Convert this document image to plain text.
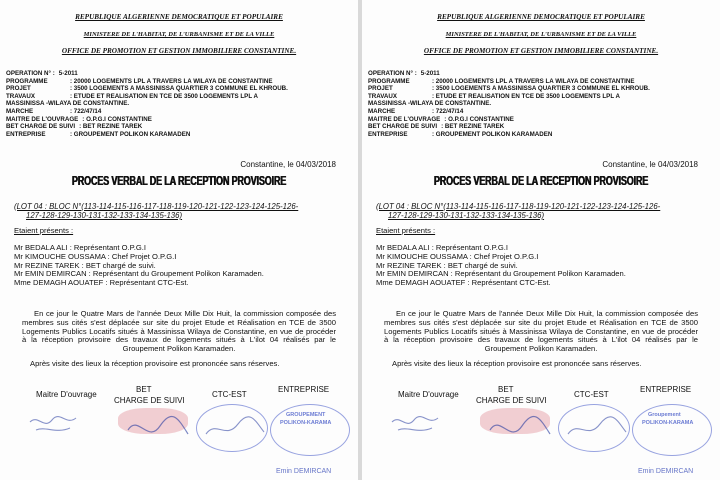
REPUBLIQUE ALGERIENNE DEMOCRATIQUE ET POPULAIRE
MINISTERE DE L'HABITAT, DE L'URBANISME ET DE LA VILLE
OFFICE DE PROMOTION ET GESTION IMMOBILIERE CONSTANTINE.
OPERATION N° : 5-2011
PROGRAMME	: 20000 LOGEMENTS LPL A TRAVERS LA WILAYA DE CONSTANTINE
PROJET	: 3500 LOGEMENTS A MASSINISSA QUARTIER 3 COMMUNE EL KHROUB.
TRAVAUX	: ETUDE ET REALISATION EN TCE DE 3500 LOGEMENTS LPL A
MASSINISSA -WILAYA DE CONSTANTINE.
MARCHE	: 722/47/14
MAITRE DE L'OUVRAGE : O.P.G.I CONSTANTINE
BET CHARGE DE SUIVI : BET REZINE TAREK
ENTREPRISE	: GROUPEMENT POLIKON KARAMADEN
Constantine, le 04/03/2018
PROCES VERBAL DE LA RECEPTION PROVISOIRE
(LOT 04 : BLOC N°(113-114-115-116-117-118-119-120-121-122-123-124-125-126-
127-128-129-130-131-132-133-134-135-136)
Etaient présents :
Mr BEDALA ALI : Représentant O.P.G.I
Mr KIMOUCHE OUSSAMA : Chef Projet O.P.G.I
Mr REZINE TAREK : BET chargé de suivi.
Mr EMIN DEMIRCAN : Représentant du Groupement Polikon Karamaden.
Mme DEMAGH AOUATEF : Représentant CTC-Est.

En ce jour le Quatre Mars de l'année Deux Mille Dix Huit, la commission composée des membres sus cités s'est déplacée sur site du projet Etude et Réalisation en TCE de 3500 Logements Publics Locatifs situés à Massinissa Wilaya de Constantine, en vue de procéder à la réception provisoire des travaux de logements situés à L'ilot 04 réalisés par le Groupement Polikon Karamaden.

Après visite des lieux la réception provisoire est prononcée sans réserves.
Maitre D'ouvrage
BET
CHARGE DE SUIVI
CTC-EST
ENTREPRISE
GROUPEMENT
POLIKON-KARAMA
Emin DEMIRCAN
REPUBLIQUE ALGERIENNE DEMOCRATIQUE ET POPULAIRE
MINISTERE DE L'HABITAT, DE L'URBANISME ET DE LA VILLE
OFFICE DE PROMOTION ET GESTION IMMOBILIERE CONSTANTINE.
OPERATION N° : 5-2011
PROGRAMME	: 20000 LOGEMENTS LPL A TRAVERS LA WILAYA DE CONSTANTINE
PROJET	: 3500 LOGEMENTS A MASSINISSA QUARTIER 3 COMMUNE EL KHROUB.
TRAVAUX	: ETUDE ET REALISATION EN TCE DE 3500 LOGEMENTS LPL A
MASSINISSA -WILAYA DE CONSTANTINE.
MARCHE	: 722/47/14
MAITRE DE L'OUVRAGE : O.P.G.I CONSTANTINE
BET CHARGE DE SUIVI : BET REZINE TAREK
ENTREPRISE	: GROUPEMENT POLIKON KARAMADEN
Constantine, le 04/03/2018
PROCES VERBAL DE LA RECEPTION PROVISOIRE
(LOT 04 : BLOC N°(113-114-115-116-117-118-119-120-121-122-123-124-125-126-
127-128-129-130-131-132-133-134-135-136)
Etaient présents :
Mr BEDALA ALI : Représentant O.P.G.I
Mr KIMOUCHE OUSSAMA : Chef Projet O.P.G.I
Mr REZINE TAREK : BET chargé de suivi.
Mr EMIN DEMIRCAN : Représentant du Groupement Polikon Karamaden.
Mme DEMAGH AOUATEF : Représentant CTC-Est.

En ce jour le Quatre Mars de l'année Deux Mille Dix Huit, la commission composée des membres sus cités s'est déplacée sur site du projet Etude et Réalisation en TCE de 3500 Logements Publics Locatifs situés à Massinissa Wilaya de Constantine, en vue de procéder à la réception provisoire des travaux de logements situés à L'ilot 04 réalisés par le Groupement Polikon Karamaden.

Après visite des lieux la réception provisoire est prononcée sans réserves.
Maitre D'ouvrage
BET
CHARGE DE SUIVI
CTC-EST
ENTREPRISE
Groupement
POLIKON-KARAMA
Emin DEMIRCAN
